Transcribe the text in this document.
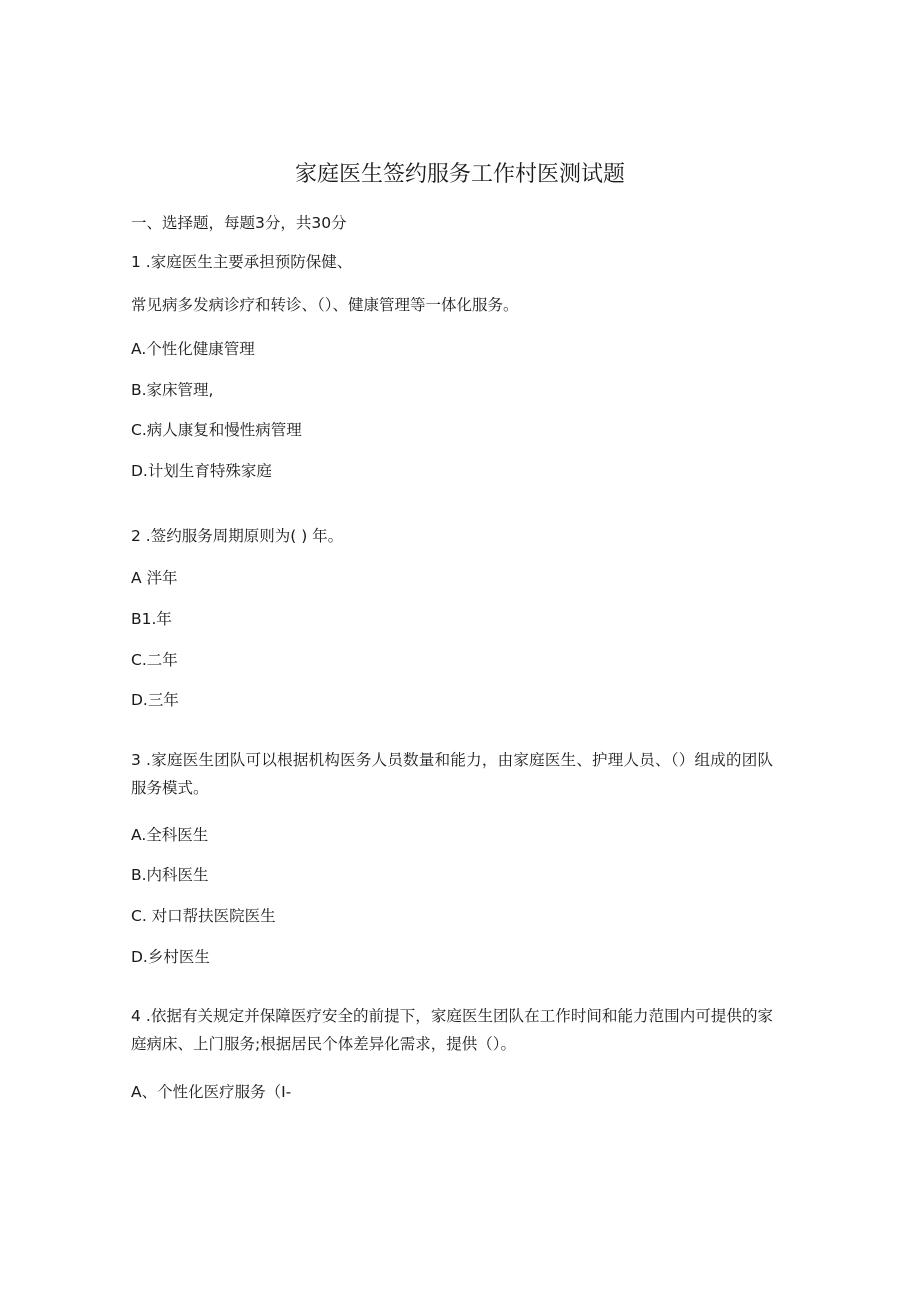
家庭医生签约服务工作村医测试题
一、选择题，每题3分，共30分
1 .家庭医生主要承担预防保健、
常见病多发病诊疗和转诊、（）、健康管理等一体化服务。
A.个性化健康管理
B.家床管理,
C.病人康复和慢性病管理
D.计划生育特殊家庭
2 .签约服务周期原则为( ) 年。
A 泮年
B1.年
C.二年
D.三年
3 .家庭医生团队可以根据机构医务人员数量和能力，由家庭医生、护理人员、（）组成的团队服务模式。
A.全科医生
B.内科医生
C. 对口帮扶医院医生
D.乡村医生
4 .依据有关规定并保障医疗安全的前提下，家庭医生团队在工作时间和能力范围内可提供的家庭病床、上门服务;根据居民个体差异化需求，提供（）。
A、个性化医疗服务（I-
